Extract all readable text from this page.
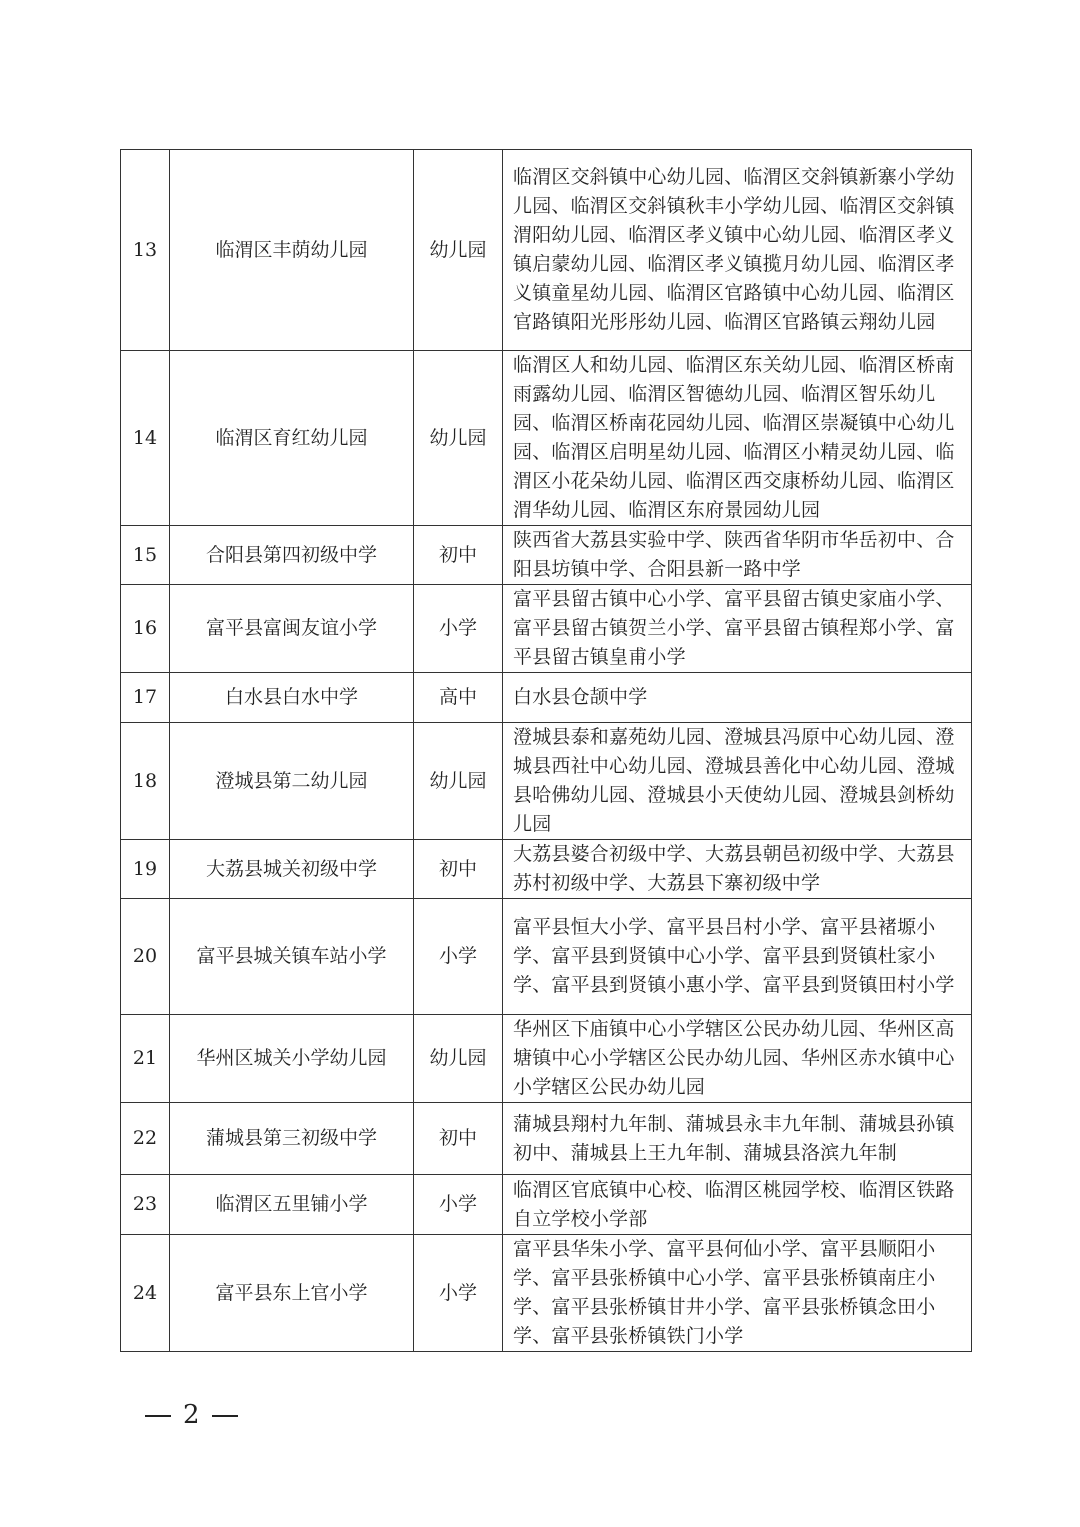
13	临渭区丰荫幼儿园	幼儿园	临渭区交斜镇中心幼儿园、临渭区交斜镇新寨小学幼儿园、临渭区交斜镇秋丰小学幼儿园、临渭区交斜镇渭阳幼儿园、临渭区孝义镇中心幼儿园、临渭区孝义镇启蒙幼儿园、临渭区孝义镇揽月幼儿园、临渭区孝义镇童星幼儿园、临渭区官路镇中心幼儿园、临渭区官路镇阳光彤彤幼儿园、临渭区官路镇云翔幼儿园
14	临渭区育红幼儿园	幼儿园	临渭区人和幼儿园、临渭区东关幼儿园、临渭区桥南雨露幼儿园、临渭区智德幼儿园、临渭区智乐幼儿园、临渭区桥南花园幼儿园、临渭区崇凝镇中心幼儿园、临渭区启明星幼儿园、临渭区小精灵幼儿园、临渭区小花朵幼儿园、临渭区西交康桥幼儿园、临渭区渭华幼儿园、临渭区东府景园幼儿园
15	合阳县第四初级中学	初中	陕西省大荔县实验中学、陕西省华阴市华岳初中、合阳县坊镇中学、合阳县新一路中学
16	富平县富闽友谊小学	小学	富平县留古镇中心小学、富平县留古镇史家庙小学、富平县留古镇贺兰小学、富平县留古镇程郑小学、富平县留古镇皇甫小学
17	白水县白水中学	高中	白水县仓颉中学
18	澄城县第二幼儿园	幼儿园	澄城县泰和嘉苑幼儿园、澄城县冯原中心幼儿园、澄城县西社中心幼儿园、澄城县善化中心幼儿园、澄城县哈佛幼儿园、澄城县小天使幼儿园、澄城县剑桥幼儿园
19	大荔县城关初级中学	初中	大荔县婆合初级中学、大荔县朝邑初级中学、大荔县苏村初级中学、大荔县下寨初级中学
20	富平县城关镇车站小学	小学	富平县恒大小学、富平县吕村小学、富平县褚塬小学、富平县到贤镇中心小学、富平县到贤镇杜家小学、富平县到贤镇小惠小学、富平县到贤镇田村小学
21	华州区城关小学幼儿园	幼儿园	华州区下庙镇中心小学辖区公民办幼儿园、华州区高塘镇中心小学辖区公民办幼儿园、华州区赤水镇中心小学辖区公民办幼儿园
22	蒲城县第三初级中学	初中	蒲城县翔村九年制、蒲城县永丰九年制、蒲城县孙镇初中、蒲城县上王九年制、蒲城县洛滨九年制
23	临渭区五里铺小学	小学	临渭区官底镇中心校、临渭区桃园学校、临渭区铁路自立学校小学部
24	富平县东上官小学	小学	富平县华朱小学、富平县何仙小学、富平县顺阳小学、富平县张桥镇中心小学、富平县张桥镇南庄小学、富平县张桥镇甘井小学、富平县张桥镇念田小学、富平县张桥镇铁门小学
2
